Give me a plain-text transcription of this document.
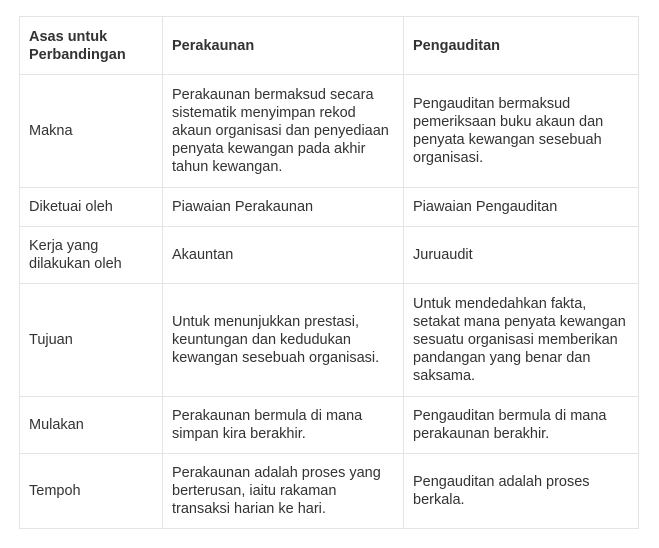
Asas untuk Perbandingan	Perakaunan	Pengauditan
Makna	Perakaunan bermaksud secara sistematik menyimpan rekod akaun organisasi dan penyediaan penyata kewangan pada akhir tahun kewangan.	Pengauditan bermaksud pemeriksaan buku akaun dan penyata kewangan sesebuah organisasi.
Diketuai oleh	Piawaian Perakaunan	Piawaian Pengauditan
Kerja yang dilakukan oleh	Akauntan	Juruaudit
Tujuan	Untuk menunjukkan prestasi, keuntungan dan kedudukan kewangan sesebuah organisasi.	Untuk mendedahkan fakta, setakat mana penyata kewangan sesuatu organisasi memberikan pandangan yang benar dan saksama.
Mulakan	Perakaunan bermula di mana simpan kira berakhir.	Pengauditan bermula di mana perakaunan berakhir.
Tempoh	Perakaunan adalah proses yang berterusan, iaitu rakaman transaksi harian ke hari.	Pengauditan adalah proses berkala.
